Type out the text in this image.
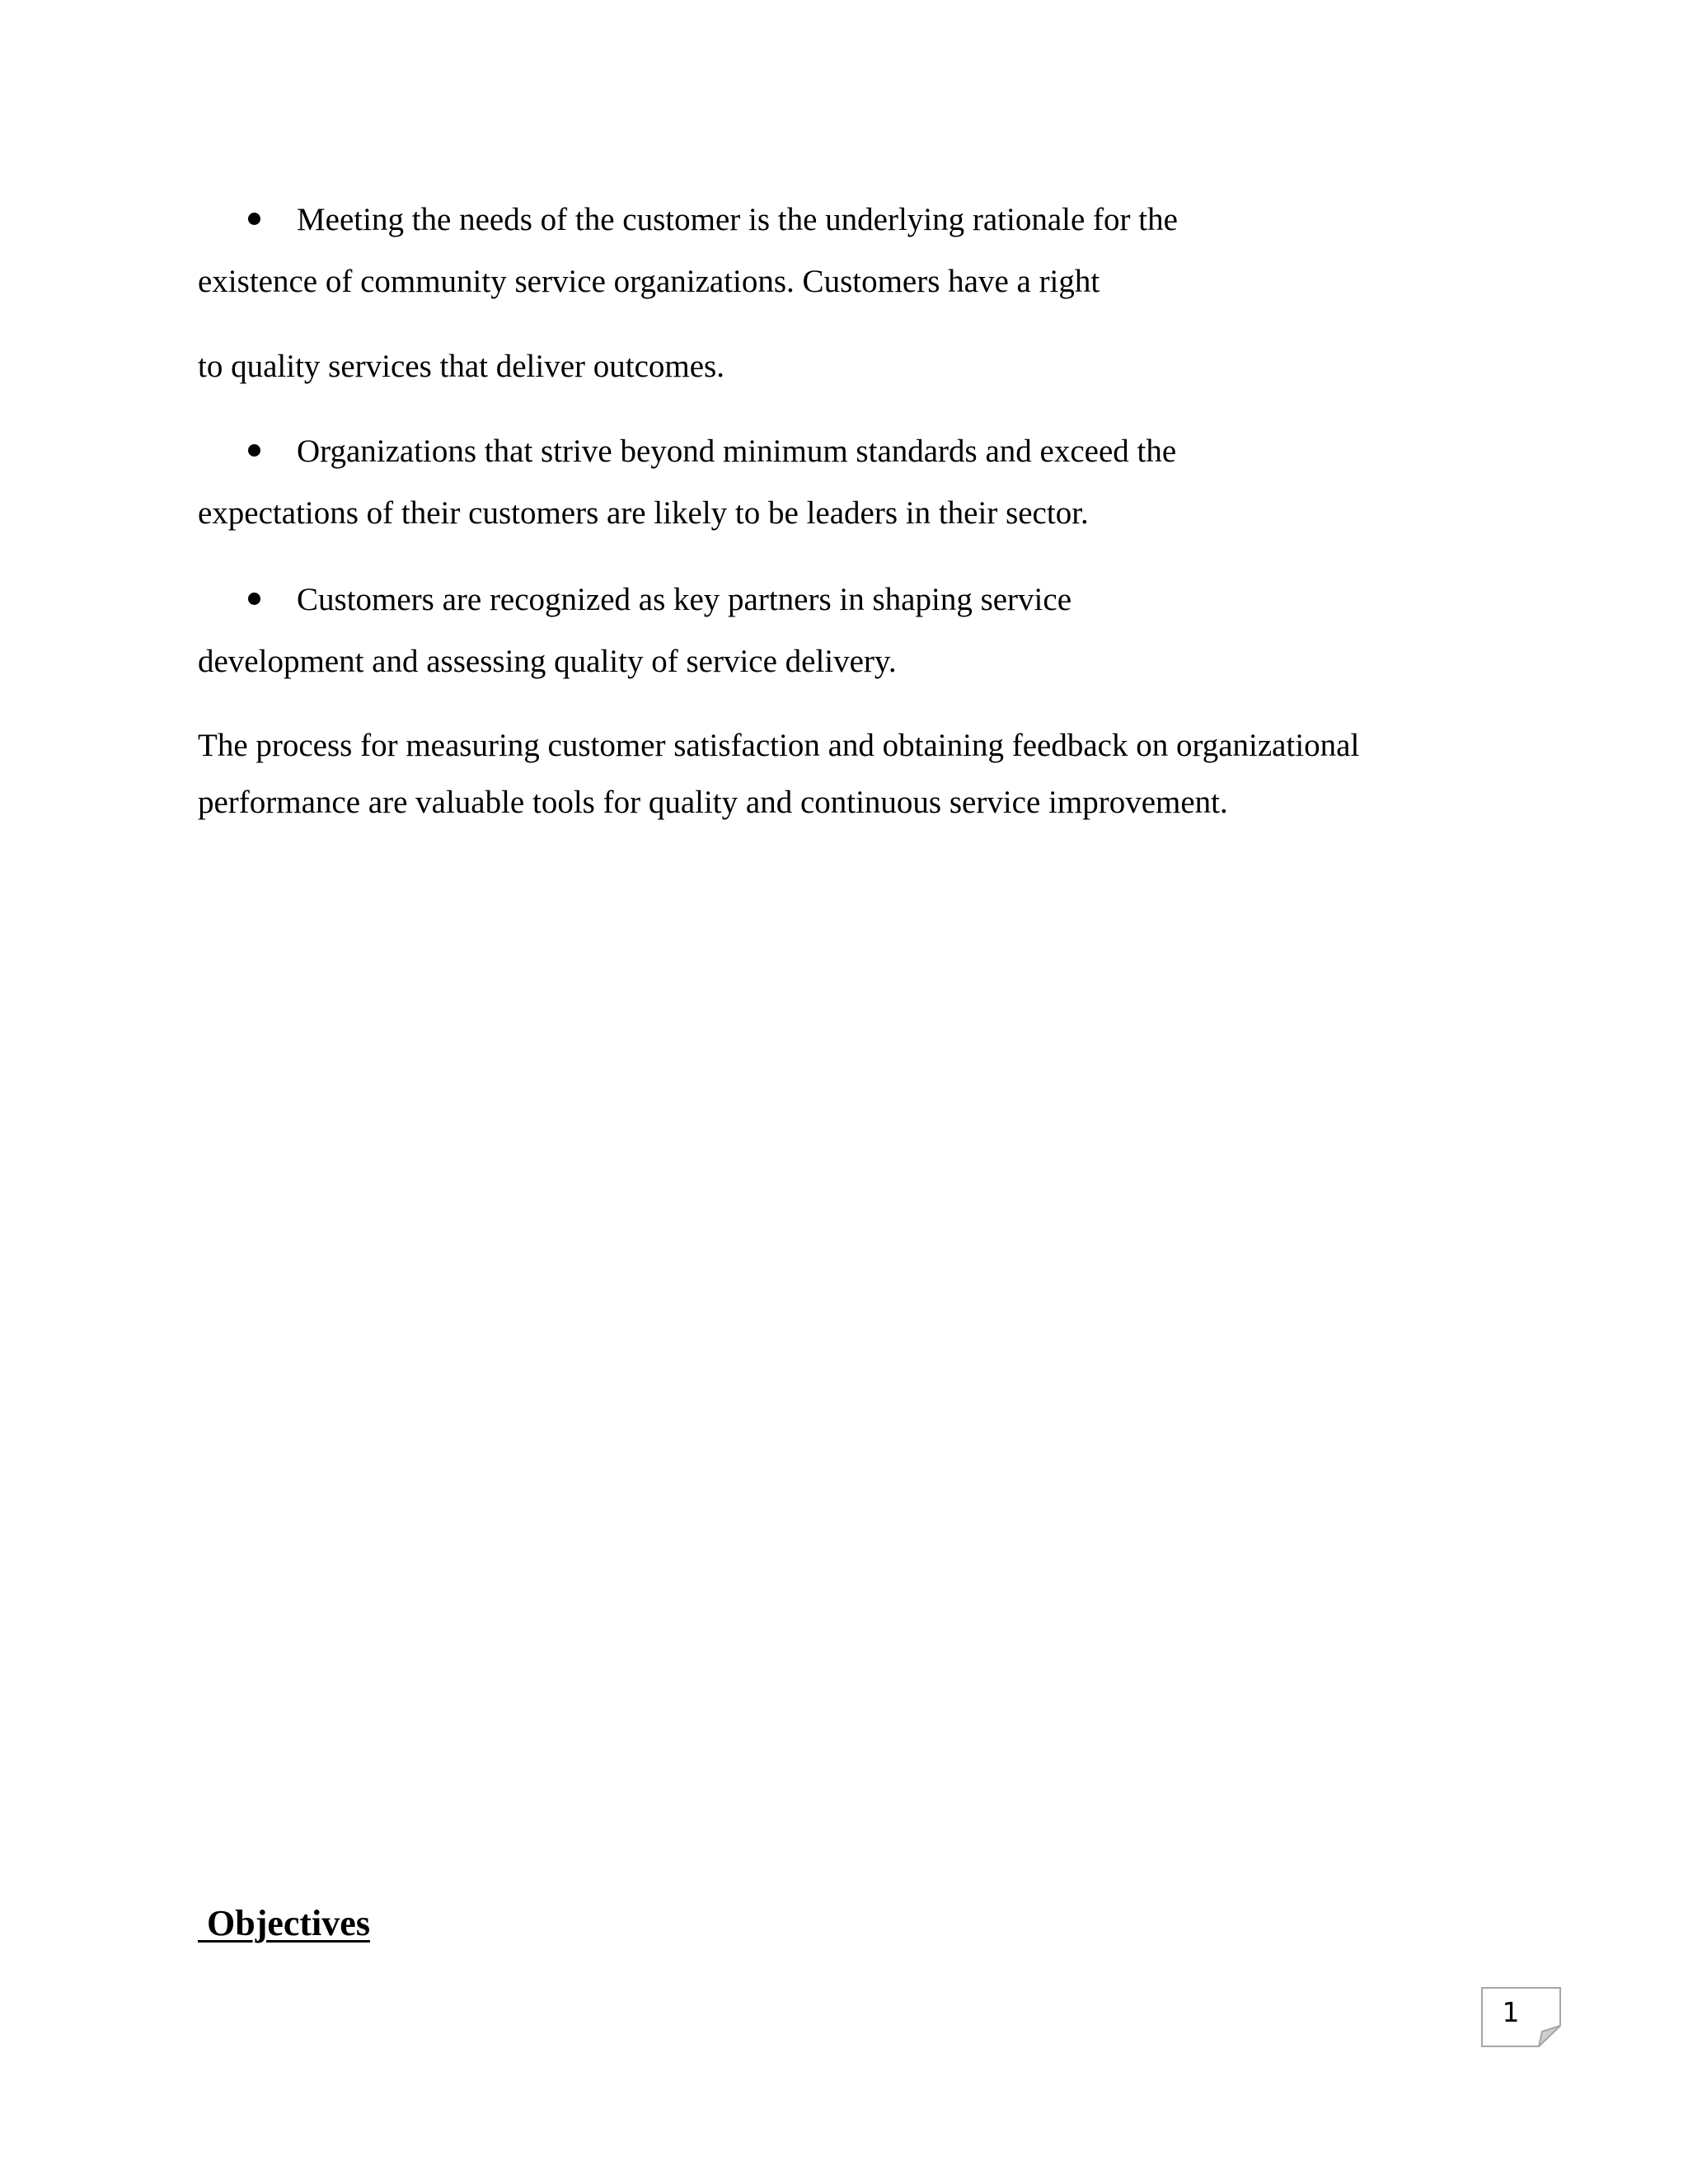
Meeting the needs of the customer is the underlying rationale for the
existence of community service organizations. Customers have a right
to quality services that deliver outcomes.
Organizations that strive beyond minimum standards and exceed the
expectations of their customers are likely to be leaders in their sector.
Customers are recognized as key partners in shaping service
development and assessing quality of service delivery.
The process for measuring customer satisfaction and obtaining feedback on organizational
performance are valuable tools for quality and continuous service improvement.
Objectives
1
